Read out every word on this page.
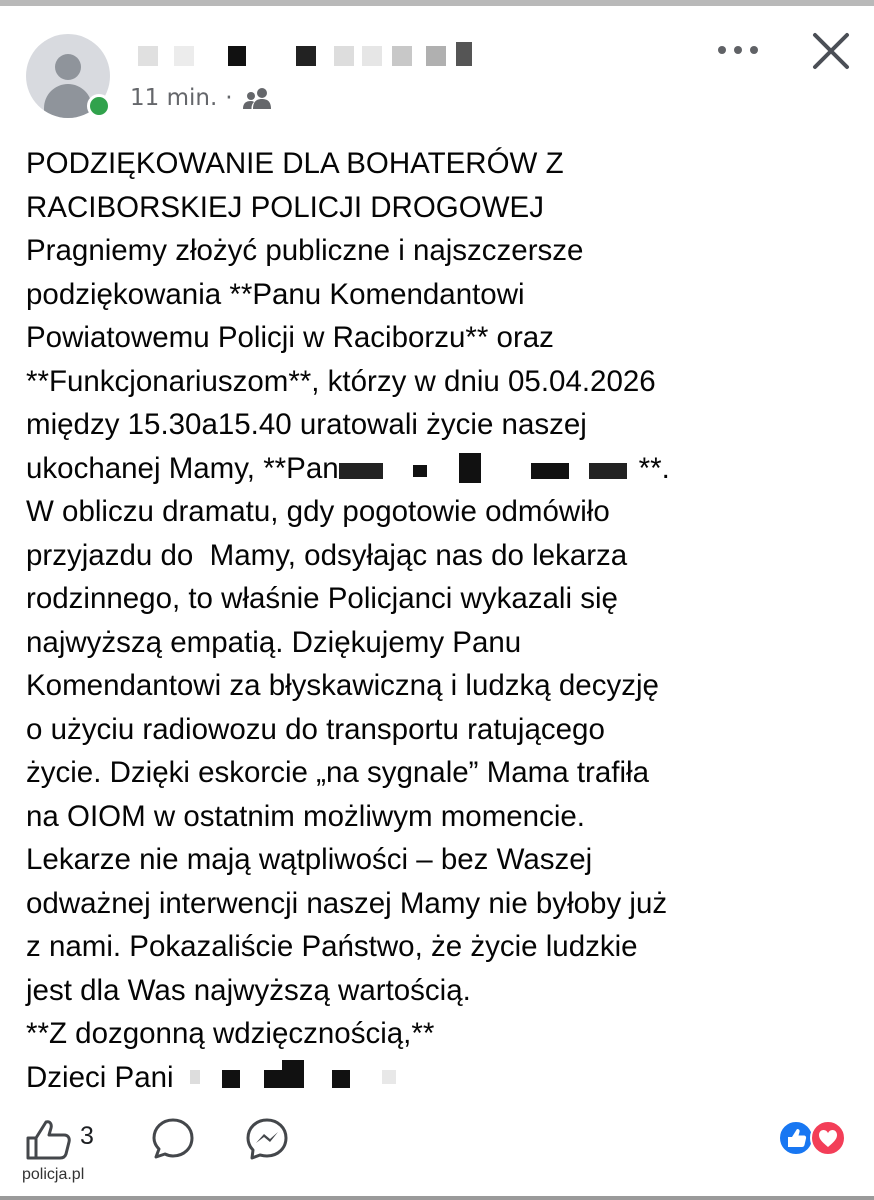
11 min. ·
PODZIĘKOWANIE DLA BOHATERÓW Z
RACIBORSKIEJ POLICJI DROGOWEJ
Pragniemy złożyć publiczne i najszczersze
podziękowania **Panu Komendantowi
Powiatowemu Policji w Raciborzu** oraz
**Funkcjonariuszom**, którzy w dniu 05.04.2026
między 15.30a15.40 uratowali życie naszej
ukochanej Mamy, **Pan	**.
W obliczu dramatu, gdy pogotowie odmówiło
przyjazdu do  Mamy, odsyłając nas do lekarza
rodzinnego, to właśnie Policjanci wykazali się
najwyższą empatią. Dziękujemy Panu
Komendantowi za błyskawiczną i ludzką decyzję
o użyciu radiowozu do transportu ratującego
życie. Dzięki eskorcie „na sygnale” Mama trafiła
na OIOM w ostatnim możliwym momencie.
Lekarze nie mają wątpliwości – bez Waszej
odważnej interwencji naszej Mamy nie byłoby już
z nami. Pokazaliście Państwo, że życie ludzkie
jest dla Was najwyższą wartością.
**Z dozgonną wdzięcznością,**
Dzieci Pani
3
policja.pl
